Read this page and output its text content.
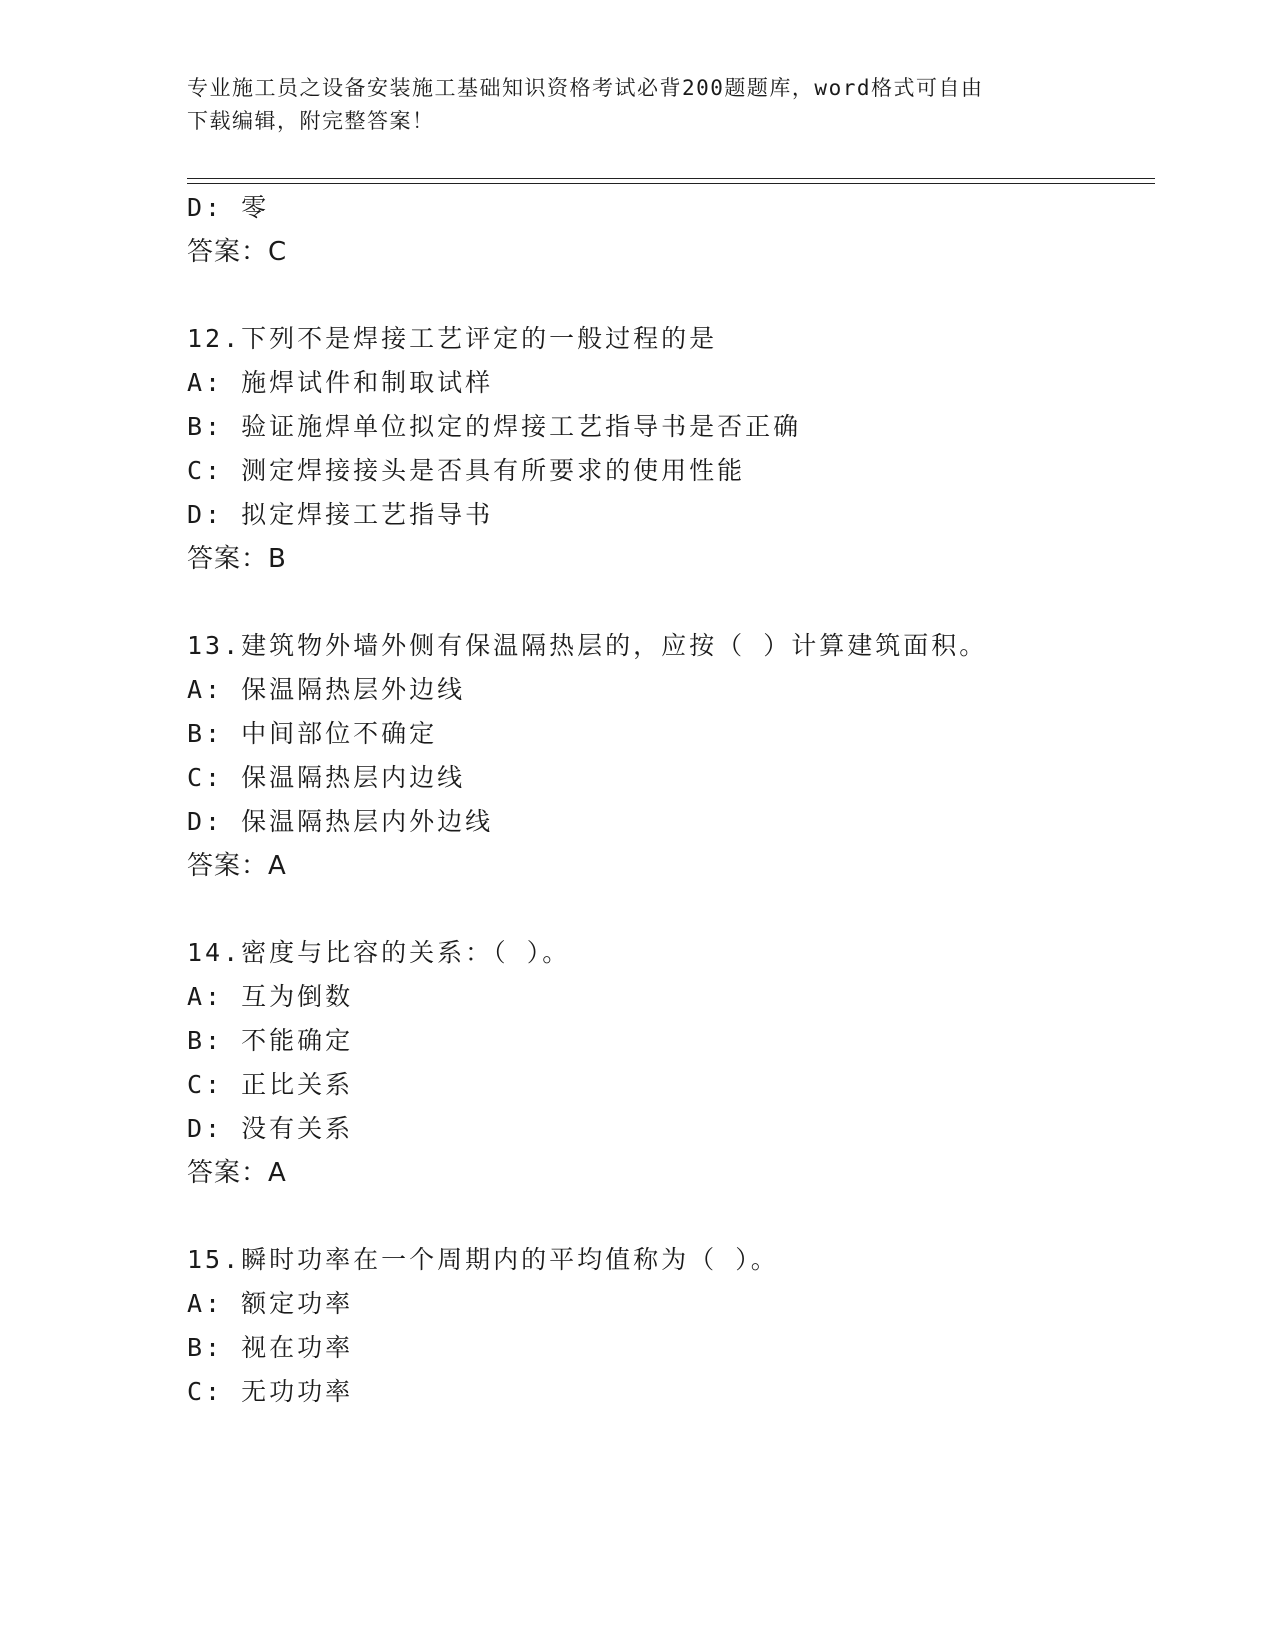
专业施工员之设备安装施工基础知识资格考试必背200题题库，word格式可自由
下载编辑，附完整答案！
D: 零
答案：C
12.下列不是焊接工艺评定的一般过程的是
A: 施焊试件和制取试样
B: 验证施焊单位拟定的焊接工艺指导书是否正确
C: 测定焊接接头是否具有所要求的使用性能
D: 拟定焊接工艺指导书
答案：B
13.建筑物外墙外侧有保温隔热层的，应按（ ）计算建筑面积。
A: 保温隔热层外边线
B: 中间部位不确定
C: 保温隔热层内边线
D: 保温隔热层内外边线
答案：A
14.密度与比容的关系：（ ）。
A: 互为倒数
B: 不能确定
C: 正比关系
D: 没有关系
答案：A
15.瞬时功率在一个周期内的平均值称为（ ）。
A: 额定功率
B: 视在功率
C: 无功功率
